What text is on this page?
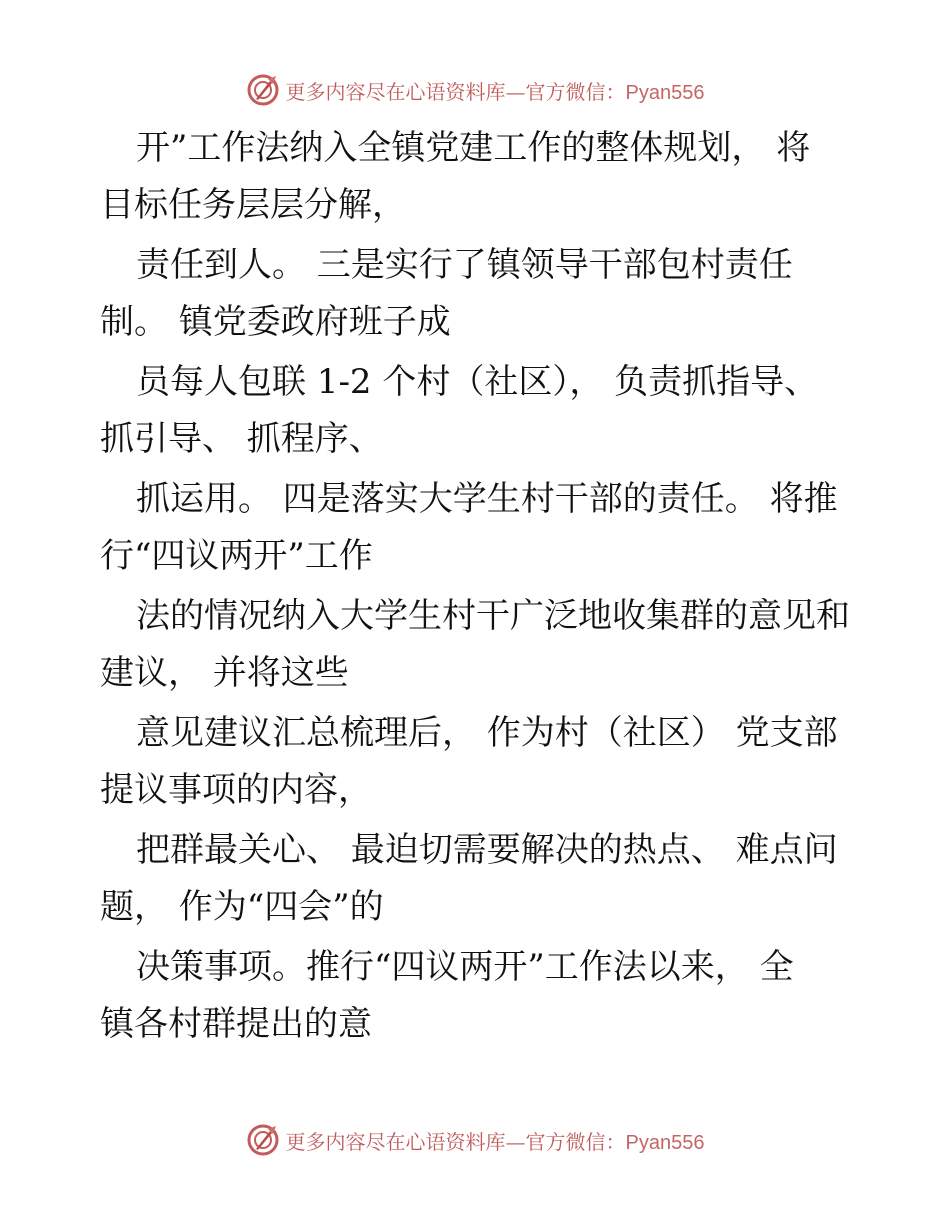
更多内容尽在心语资料库—官方微信：Pyan556
开”工作法纳入全镇党建工作的整体规划， 将
目标任务层层分解，
责任到人。 三是实行了镇领导干部包村责任
制。 镇党委政府班子成
员每人包联 1-2 个村（社区）， 负责抓指导、
抓引导、 抓程序、
抓运用。 四是落实大学生村干部的责任。 将推
行“四议两开”工作
法的情况纳入大学生村干广泛地收集群的意见和
建议， 并将这些
意见建议汇总梳理后， 作为村（社区） 党支部
提议事项的内容，
把群最关心、 最迫切需要解决的热点、 难点问
题， 作为“四会”的
决策事项。推行“四议两开”工作法以来， 全
镇各村群提出的意
更多内容尽在心语资料库—官方微信：Pyan556
